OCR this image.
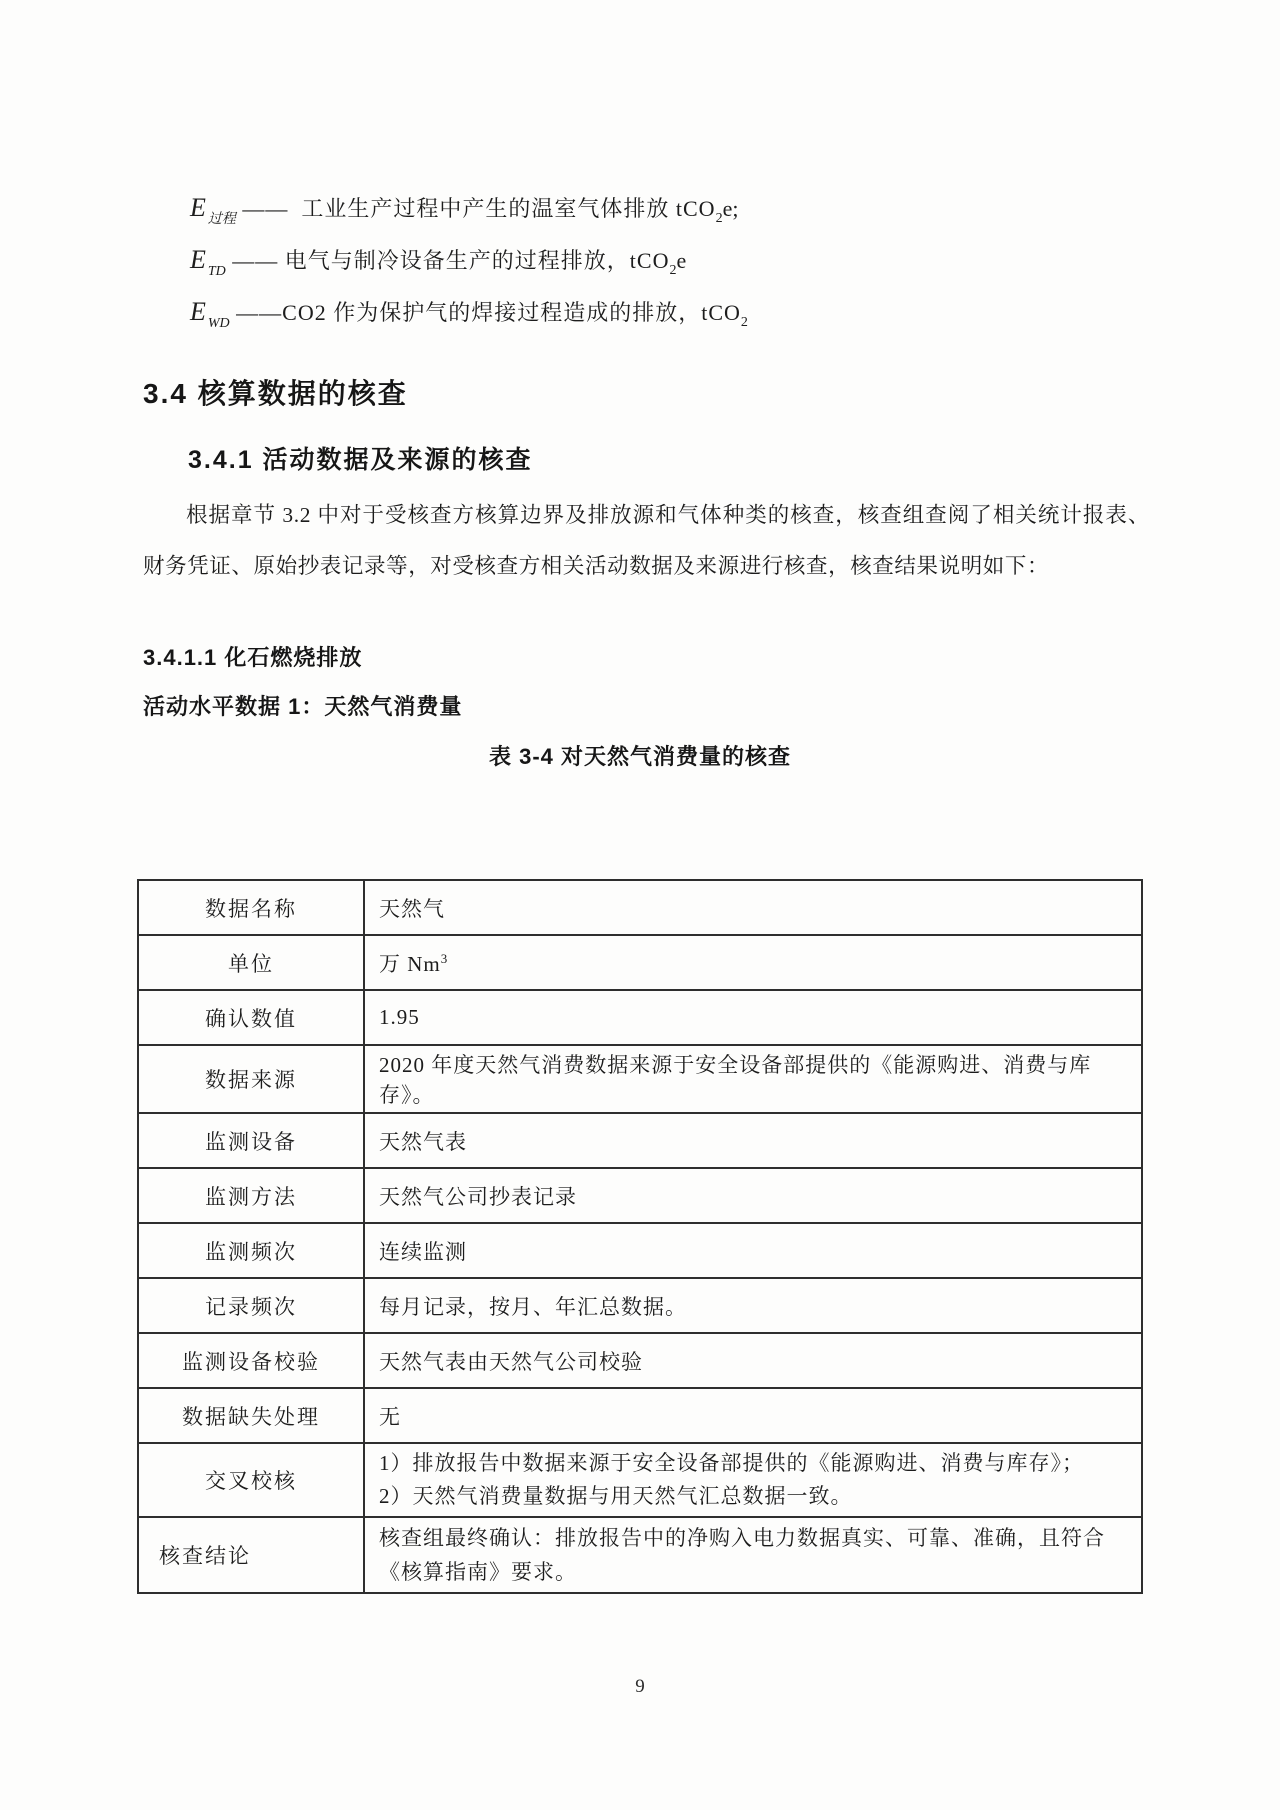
E $_{过程}$ ——  工业生产过程中产生的温室气体排放 tCO$_2$e;
E $_{TD}$ —— 电气与制冷设备生产的过程排放，tCO$_2$e
E $_{WD}$ ——CO2 作为保护气的焊接过程造成的排放，tCO$_2$
3.4 核算数据的核查
3.4.1 活动数据及来源的核查
根据章节 3.2 中对于受核查方核算边界及排放源和气体种类的核查，核查组查阅了相关统计报表、财务凭证、原始抄表记录等，对受核查方相关活动数据及来源进行核查，核查结果说明如下：
3.4.1.1 化石燃烧排放
活动水平数据 1：天然气消费量
表 3-4 对天然气消费量的核查
数据名称	天然气
单位	万 Nm$^3$
确认数值	1.95
数据来源	2020 年度天然气消费数据来源于安全设备部提供的《能源购进、消费与库存》。
监测设备	天然气表
监测方法	天然气公司抄表记录
监测频次	连续监测
记录频次	每月记录，按月、年汇总数据。
监测设备校验	天然气表由天然气公司校验
数据缺失处理	无
交叉校核	1）排放报告中数据来源于安全设备部提供的《能源购进、消费与库存》；
2）天然气消费量数据与用天然气汇总数据一致。

核查结论	核查组最终确认：排放报告中的净购入电力数据真实、可靠、准确，且符合《核算指南》要求。
9
